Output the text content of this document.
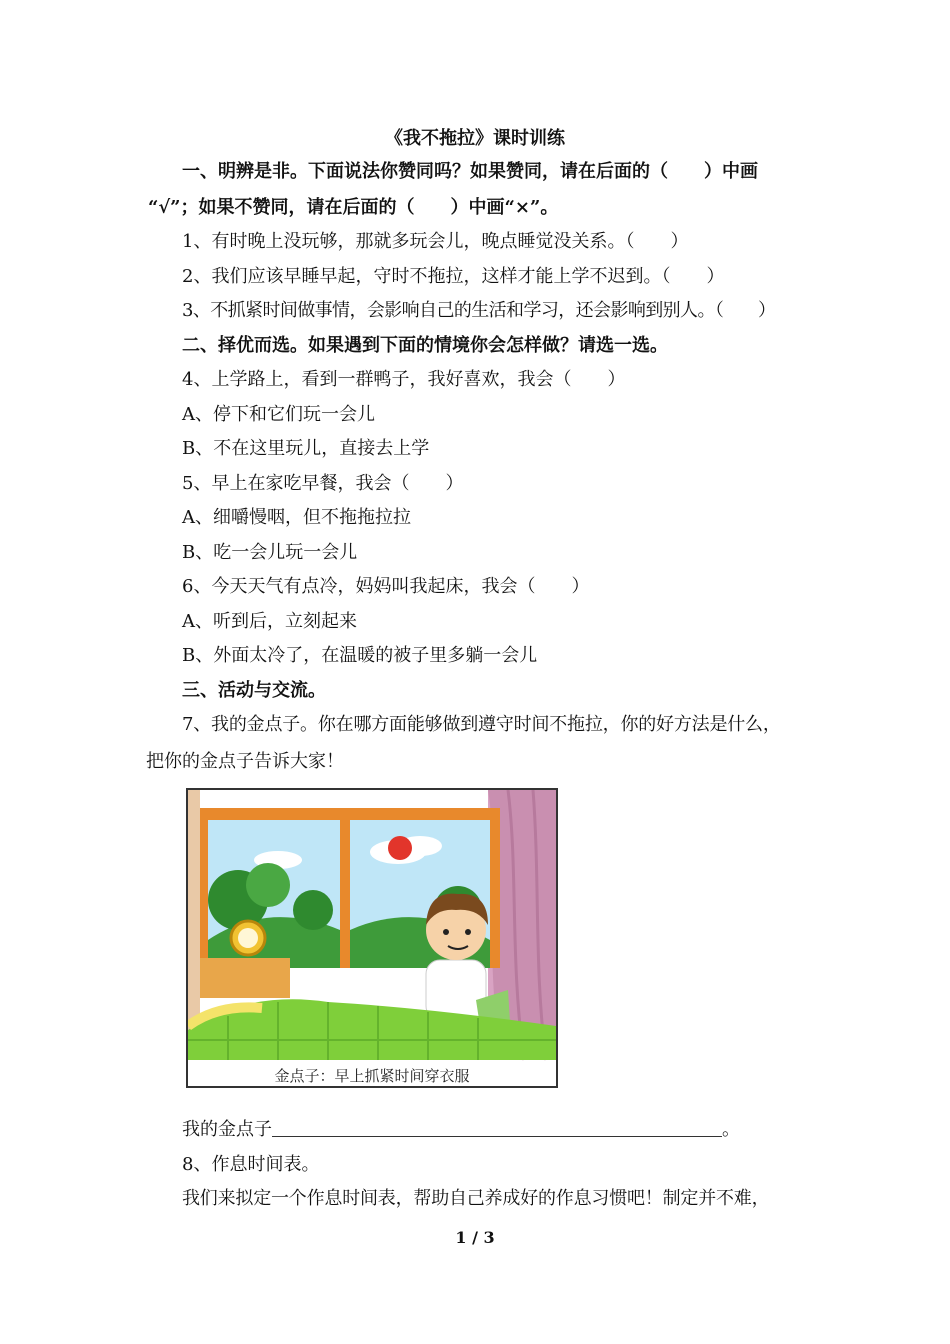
《我不拖拉》课时训练
一、明辨是非。下面说法你赞同吗？如果赞同，请在后面的（　　）中画
“√”；如果不赞同，请在后面的（　　）中画“×”。
1、有时晚上没玩够，那就多玩会儿，晚点睡觉没关系。（　　）
2、我们应该早睡早起，守时不拖拉，这样才能上学不迟到。（　　）
3、不抓紧时间做事情，会影响自己的生活和学习，还会影响到别人。（　　）
二、择优而选。如果遇到下面的情境你会怎样做？请选一选。
4、上学路上，看到一群鸭子，我好喜欢，我会（　　）
A、停下和它们玩一会儿
B、不在这里玩儿，直接去上学
5、早上在家吃早餐，我会（　　）
A、细嚼慢咽，但不拖拖拉拉
B、吃一会儿玩一会儿
6、今天天气有点冷，妈妈叫我起床，我会（　　）
A、听到后，立刻起来
B、外面太冷了，在温暖的被子里多躺一会儿
三、活动与交流。
7、我的金点子。你在哪方面能够做到遵守时间不拖拉，你的好方法是什么，
把你的金点子告诉大家！
金点子：早上抓紧时间穿衣服
我的金点子	。
8、作息时间表。
我们来拟定一个作息时间表，帮助自己养成好的作息习惯吧！制定并不难，
1 / 3
